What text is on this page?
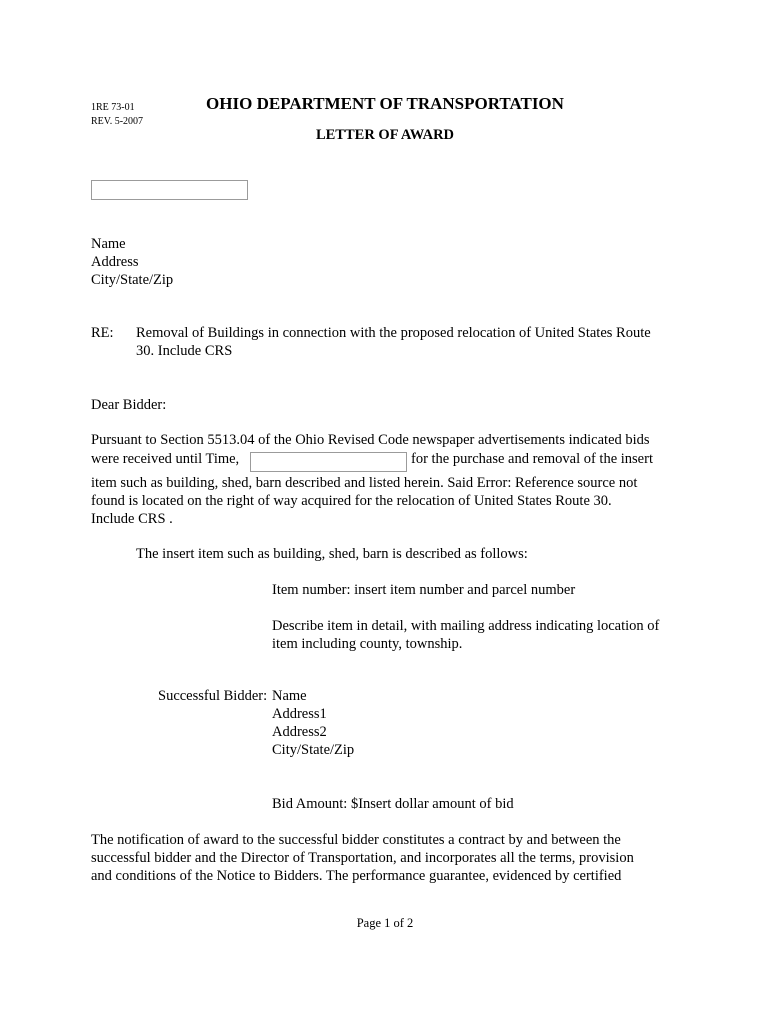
1RE 73-01
REV. 5-2007
OHIO DEPARTMENT OF TRANSPORTATION
LETTER OF AWARD
Name
Address
City/State/Zip
RE: Removal of Buildings in connection with the proposed relocation of United States Route
30. Include CRS
Dear Bidder:
Pursuant to Section 5513.04 of the Ohio Revised Code newspaper advertisements indicated bids
were received until Time,	for the purchase and removal of the insert
item such as building, shed, barn described and listed herein. Said Error: Reference source not
found is located on the right of way acquired for the relocation of United States Route 30.
Include CRS .
The insert item such as building, shed, barn is described as follows:
Item number: insert item number and parcel number
Describe item in detail, with mailing address indicating location of
item including county, township.
Successful Bidder: Name
Address1
Address2
City/State/Zip
Bid Amount: $Insert dollar amount of bid
The notification of award to the successful bidder constitutes a contract by and between the
successful bidder and the Director of Transportation, and incorporates all the terms, provision
and conditions of the Notice to Bidders. The performance guarantee, evidenced by certified
Page 1 of 2
